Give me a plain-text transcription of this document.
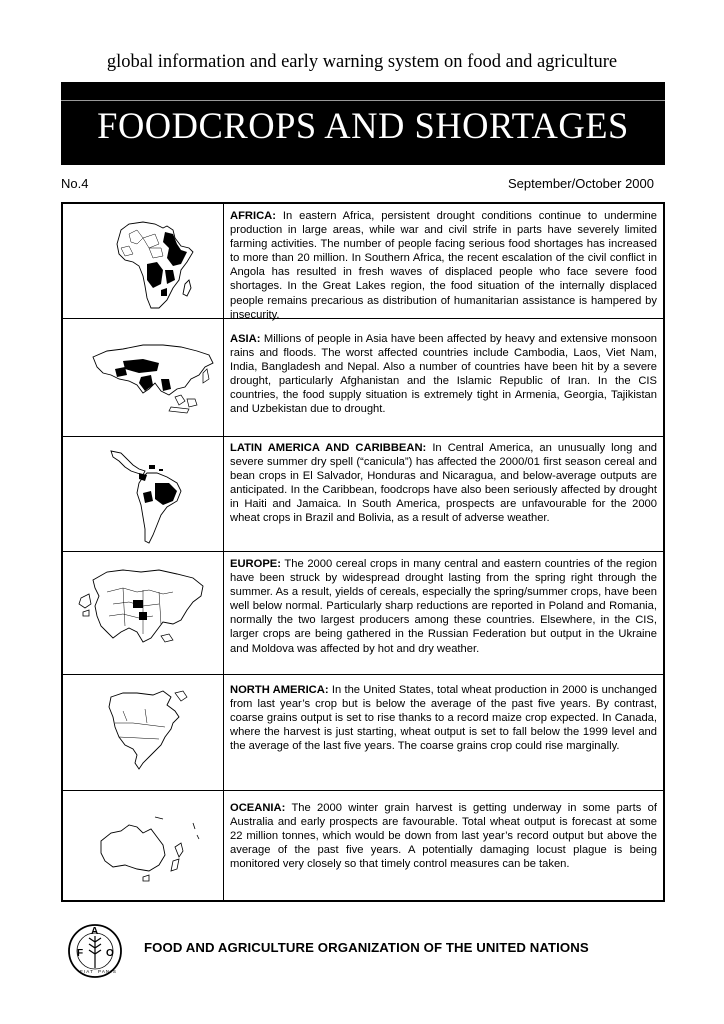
global information and early warning system on food and agriculture
FOODCROPS AND SHORTAGES
No.4	September/October 2000
AFRICA: In eastern Africa, persistent drought conditions continue to undermine production in large areas, while war and civil strife in parts have severely limited farming activities. The number of people facing serious food shortages has increased to more than 20 million. In Southern Africa, the recent escalation of the civil conflict in Angola has resulted in fresh waves of displaced people who face severe food shortages. In the Great Lakes region, the food situation of the internally displaced people remains precarious as distribution of humanitarian assistance is hampered by insecurity.
ASIA: Millions of people in Asia have been affected by heavy and extensive monsoon rains and floods. The worst affected countries include Cambodia, Laos, Viet Nam, India, Bangladesh and Nepal. Also a number of countries have been hit by a severe drought, particularly Afghanistan and the Islamic Republic of Iran. In the CIS countries, the food supply situation is extremely tight in Armenia, Georgia, Tajikistan and Uzbekistan due to drought.
LATIN AMERICA AND CARIBBEAN: In Central America, an unusually long and severe summer dry spell (“canicula”) has affected the 2000/01 first season cereal and bean crops in El Salvador, Honduras and Nicaragua, and below-average outputs are anticipated. In the Caribbean, foodcrops have also been seriously affected by drought in Haiti and Jamaica. In South America, prospects are unfavourable for the 2000 wheat crops in Brazil and Bolivia, as a result of adverse weather.
EUROPE: The 2000 cereal crops in many central and eastern countries of the region have been struck by widespread drought lasting from the spring right through the summer. As a result, yields of cereals, especially the spring/summer crops, have been well below normal. Particularly sharp reductions are reported in Poland and Romania, normally the two largest producers among these countries. Elsewhere, in the CIS, larger crops are being gathered in the Russian Federation but output in the Ukraine and Moldova was affected by hot and dry weather.
NORTH AMERICA: In the United States, total wheat production in 2000 is unchanged from last year’s crop but is below the average of the past five years. By contrast, coarse grains output is set to rise thanks to a record maize crop expected. In Canada, where the harvest is just starting, wheat output is set to fall below the 1999 level and the average of the last five years. The coarse grains crop could rise marginally.
OCEANIA: The 2000 winter grain harvest is getting underway in some parts of Australia and early prospects are favourable. Total wheat output is forecast at some 22 million tonnes, which would be down from last year’s record output but above the average of the past five years. A potentially damaging locust plague is being monitored very closely so that timely control measures can be taken.
F
A
O
F I A T P A N I S
FOOD AND AGRICULTURE ORGANIZATION OF THE UNITED NATIONS
